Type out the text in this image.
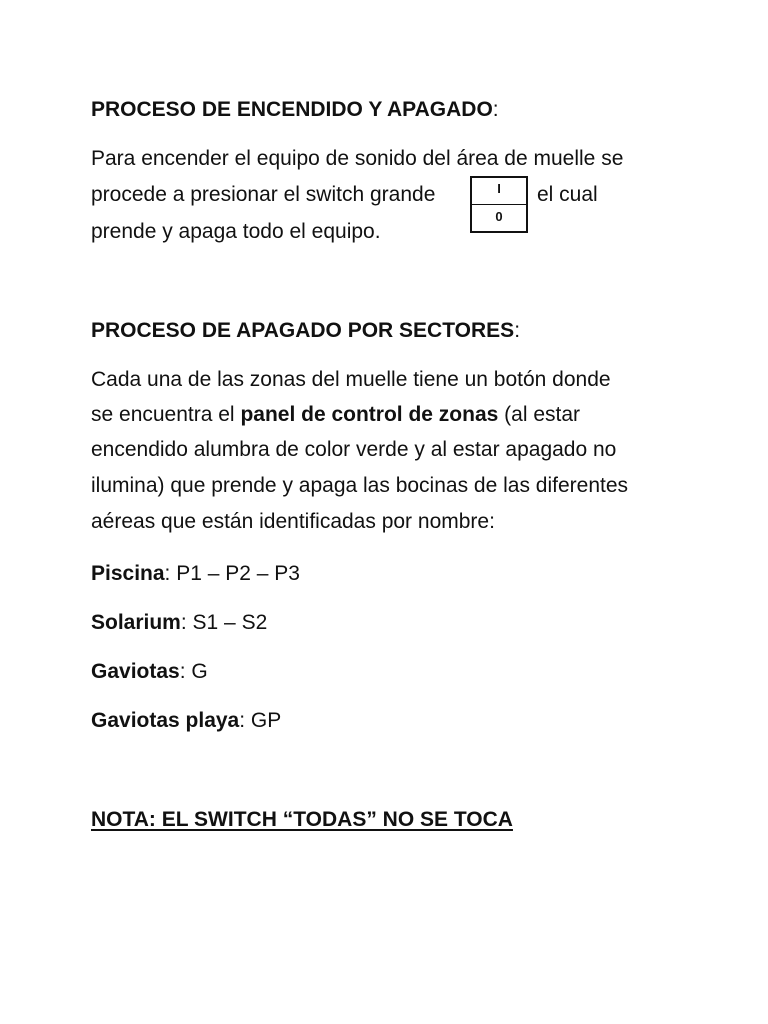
PROCESO DE ENCENDIDO Y APAGADO:
Para encender el equipo de sonido del área de muelle se
procede a presionar el switch grande	I
0
el cual
prende y apaga todo el equipo.
PROCESO DE APAGADO POR SECTORES:
Cada una de las zonas del muelle tiene un botón donde
se encuentra el panel de control de zonas (al estar
encendido alumbra de color verde y al estar apagado no
ilumina) que prende y apaga las bocinas de las diferentes
aéreas que están identificadas por nombre:
Piscina: P1 – P2 – P3
Solarium: S1 – S2
Gaviotas: G
Gaviotas playa: GP
NOTA: EL SWITCH “TODAS” NO SE TOCA
